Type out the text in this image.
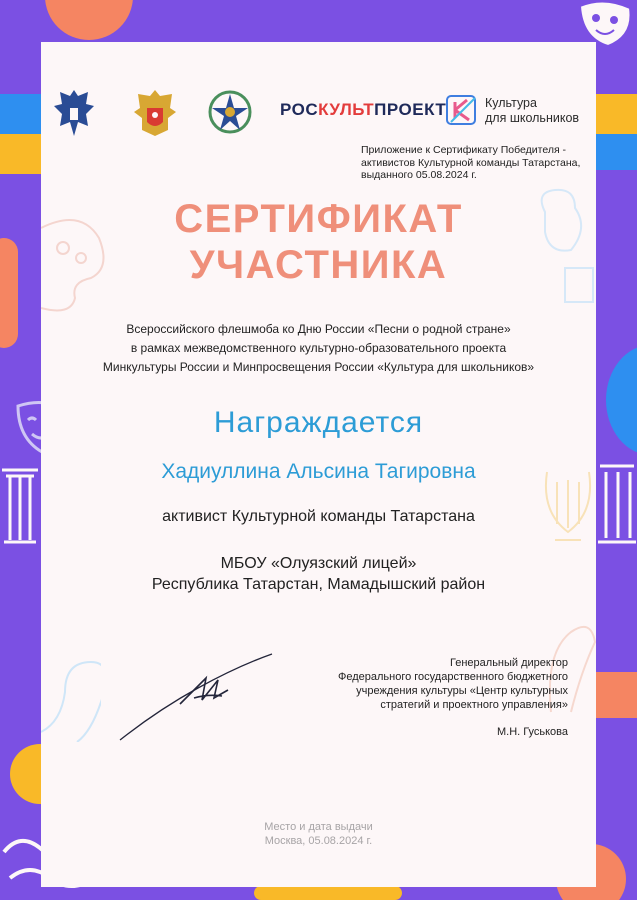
РОСКУЛЬТПРОЕКТ	Культура
для школьников
Приложение к Сертификату Победителя -
активистов Культурной команды Татарстана,
выданного 05.08.2024 г.
СЕРТИФИКАТ
УЧАСТНИКА
Всероссийского флешмоба ко Дню России «Песни о родной стране»
в рамках межведомственного культурно-образовательного проекта
Минкультуры России и Минпросвещения России «Культура для школьников»
Награждается
Хадиуллина Альсина Тагировна
активист Культурной команды Татарстана
МБОУ «Олуязский лицей»
Республика Татарстан, Мамадышский район
Генеральный директор
Федерального государственного бюджетного
учреждения культуры «Центр культурных
стратегий и проектного управления»
М.Н. Гуськова
Место и дата выдачи
Москва, 05.08.2024 г.
